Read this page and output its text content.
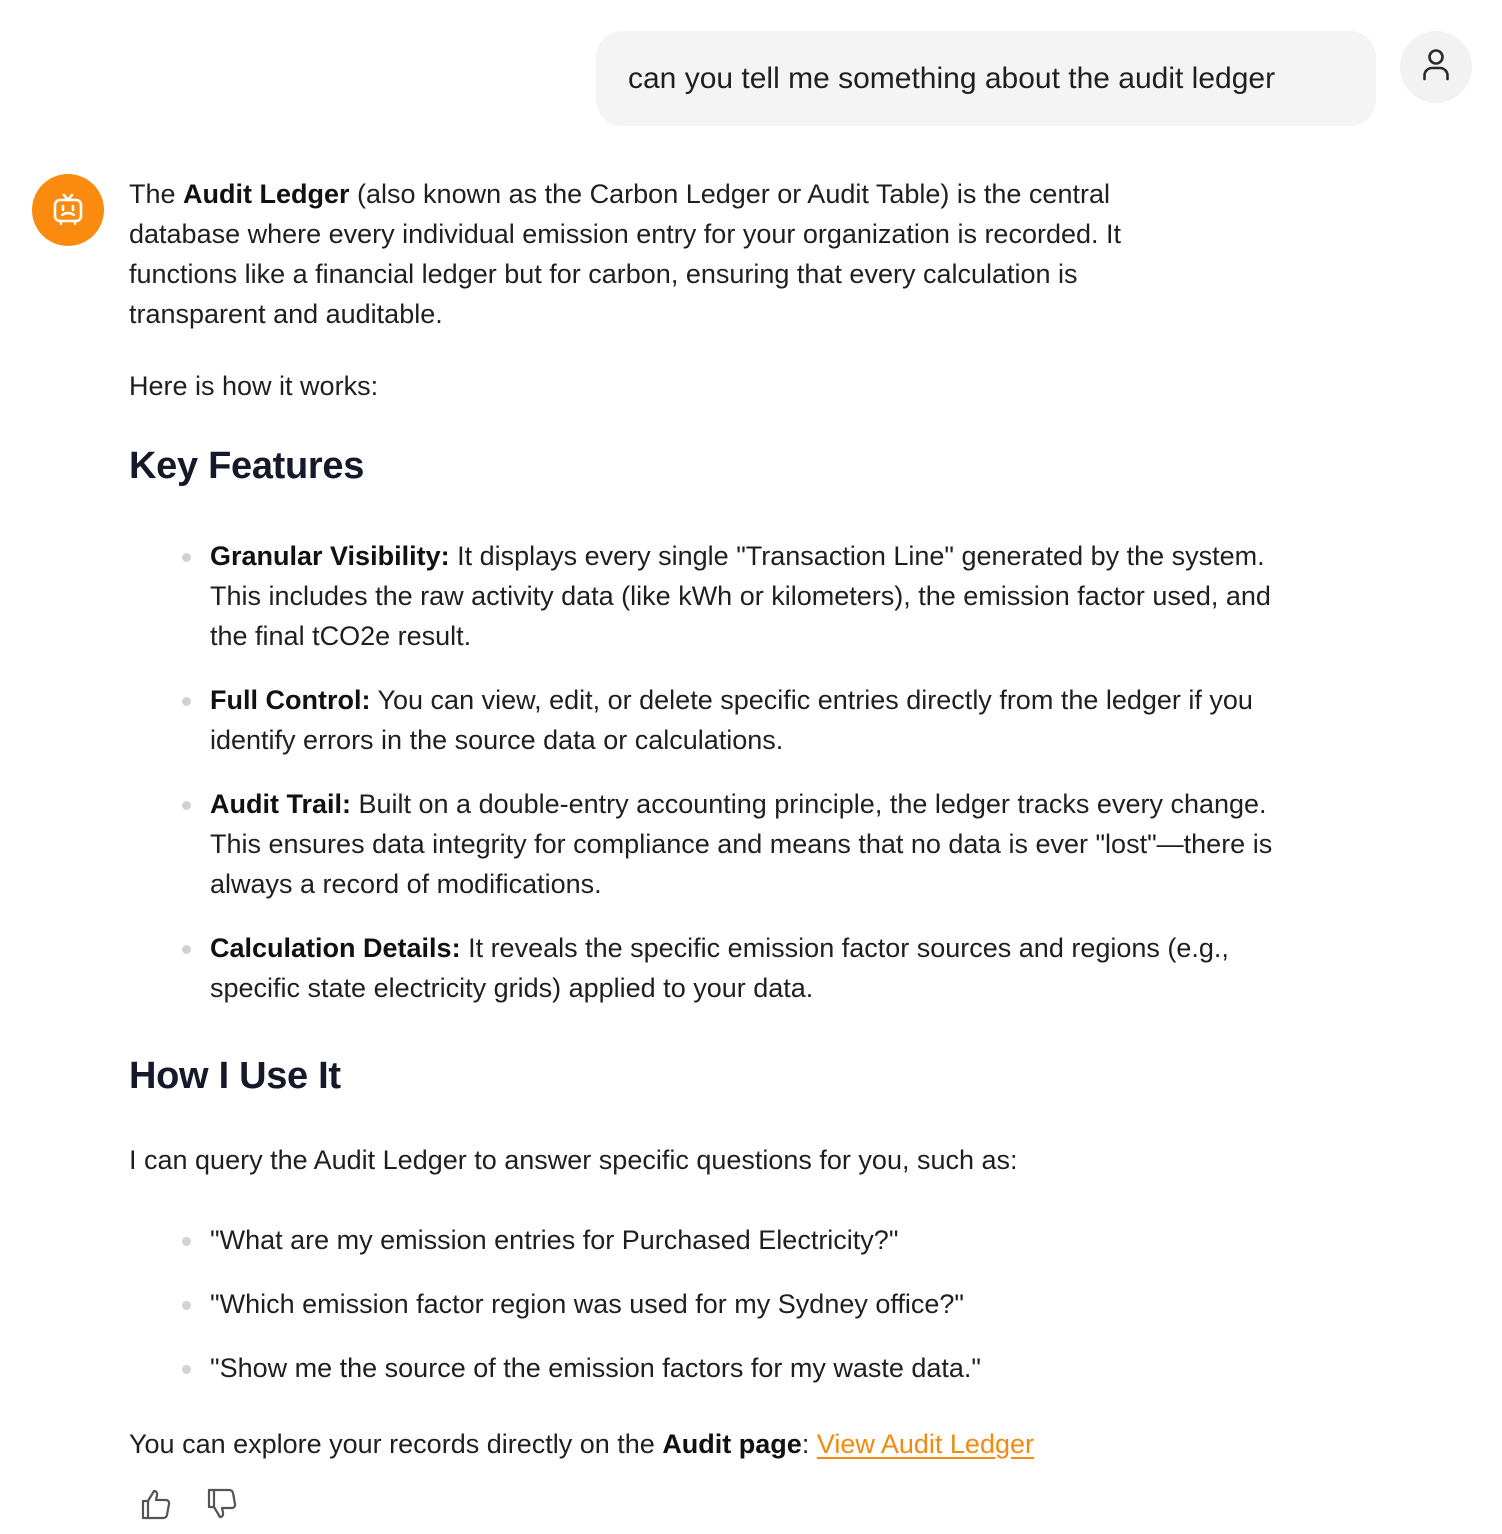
can you tell me something about the audit ledger

The Audit Ledger (also known as the Carbon Ledger or Audit Table) is the central database where every individual emission entry for your organization is recorded. It functions like a financial ledger but for carbon, ensuring that every calculation is transparent and auditable.

Here is how it works:

Key Features
Granular Visibility: It displays every single "Transaction Line" generated by the system. This includes the raw activity data (like kWh or kilometers), the emission factor used, and the final tCO2e result.
Full Control: You can view, edit, or delete specific entries directly from the ledger if you identify errors in the source data or calculations.
Audit Trail: Built on a double-entry accounting principle, the ledger tracks every change. This ensures data integrity for compliance and means that no data is ever "lost"—there is always a record of modifications.
Calculation Details: It reveals the specific emission factor sources and regions (e.g., specific state electricity grids) applied to your data.
How I Use It

I can query the Audit Ledger to answer specific questions for you, such as:

"What are my emission entries for Purchased Electricity?"
"Which emission factor region was used for my Sydney office?"
"Show me the source of the emission factors for my waste data."

You can explore your records directly on the Audit page: View Audit Ledger
